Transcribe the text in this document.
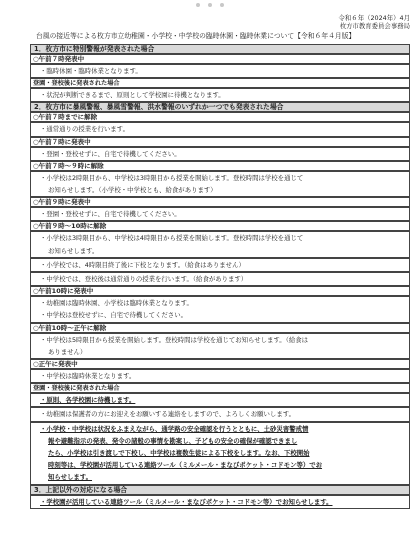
令和６年（2024年）4月
枚方市教育委員会事務局
台風の接近等による枚方市立幼稚園・小学校・中学校の臨時休園・臨時休業について【令和６年４月版】
1．枚方市に特別警報が発表された場合
○午前７時発表中
・臨時休園・臨時休業となります。
登園・登校後に発表された場合
・状況が判断できるまで、原則として学校園に待機となります。
2．枚方市に暴風警報、暴風雪警報、洪水警報のいずれか一つでも発表された場合
○午前７時までに解除
・通常通りの授業を行います。
○午前７時に発表中
・登園・登校せずに、自宅で待機してください。
○午前７時～９時に解除
・小学校は2時限目から、中学校は3時限目から授業を開始します。登校時間は学校を通じて
お知らせします。（小学校・中学校とも、給食があります）
○午前９時に発表中
・登園・登校せずに、自宅で待機してください。
○午前９時～10時に解除
・小学校は3時限目から、中学校は4時限目から授業を開始します。登校時間は学校を通じて
お知らせします。
・小学校では、4時限目終了後に下校となります。（給食はありません）
・中学校では、登校後は通常通りの授業を行います。（給食があります）
○午前10時に発表中
・幼稚園は臨時休園、小学校は臨時休業となります。
・中学校は登校せずに、自宅で待機してください。
○午前10時～正午に解除
・中学校は5時限目から授業を開始します。登校時間は学校を通じてお知らせします。（給食は
ありません）
○正午に発表中
・中学校は臨時休業となります。
登園・登校後に発表された場合
・原則、各学校園に待機します。
・幼稚園は保護者の方にお迎えをお願いする連絡をしますので、よろしくお願いします。
・小学校・中学校は状況をふまえながら、通学路の安全確認を行うとともに、土砂災害警戒情
報や避難指示の発表、発令の諸般の事情を勘案し、子どもの安全の確保が確認できまし
たら、小学校は引き渡しで下校し、中学校は複数生徒による下校をします。なお、下校開始
時刻等は、学校園が活用している連絡ツール（ミルメール・まなびポケット・コドモン等）でお
知らせします。
3．上記以外の対応になる場合
・学校園が活用している連絡ツール（ミルメール・まなびポケット・コドモン等）でお知らせします。
